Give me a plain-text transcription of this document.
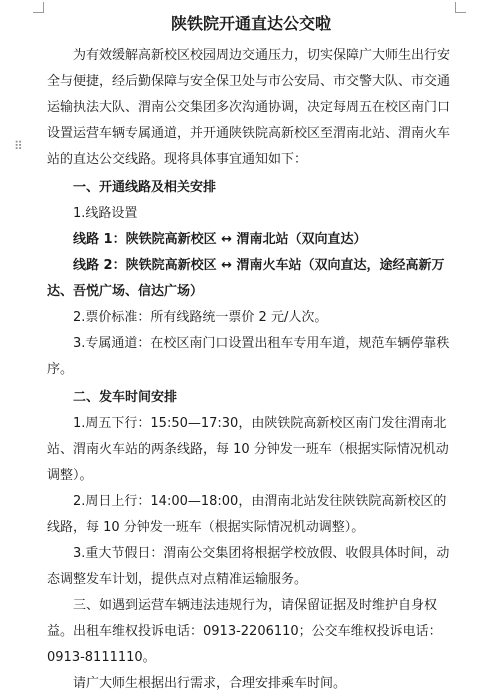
⠿
陕铁院开通直达公交啦

为有效缓解高新校区校园周边交通压力，切实保障广大师生出行安全与便捷，经后勤保障与安全保卫处与市公安局、市交警大队、市交通运输执法大队、渭南公交集团多次沟通协调，决定每周五在校区南门口设置运营车辆专属通道，并开通陕铁院高新校区至渭南北站、渭南火车站的直达公交线路。现将具体事宜通知如下：

一、开通线路及相关安排

1.线路设置

线路 1：陕铁院高新校区 ↔ 渭南北站（双向直达）

线路 2：陕铁院高新校区 ↔ 渭南火车站（双向直达，途经高新万达、吾悦广场、信达广场）

2.票价标准：所有线路统一票价 2 元/人次。

3.专属通道：在校区南门口设置出租车专用车道，规范车辆停靠秩序。

二、发车时间安排

1.周五下行：15:50—17:30，由陕铁院高新校区南门发往渭南北站、渭南火车站的两条线路，每 10 分钟发一班车（根据实际情况机动调整）。

2.周日上行：14:00—18:00，由渭南北站发往陕铁院高新校区的线路，每 10 分钟发一班车（根据实际情况机动调整）。

3.重大节假日：渭南公交集团将根据学校放假、收假具体时间，动态调整发车计划，提供点对点精准运输服务。

三、如遇到运营车辆违法违规行为，请保留证据及时维护自身权益。出租车维权投诉电话：0913-2206110；公交车维权投诉电话：0913-8111110。

请广大师生根据出行需求，合理安排乘车时间。
